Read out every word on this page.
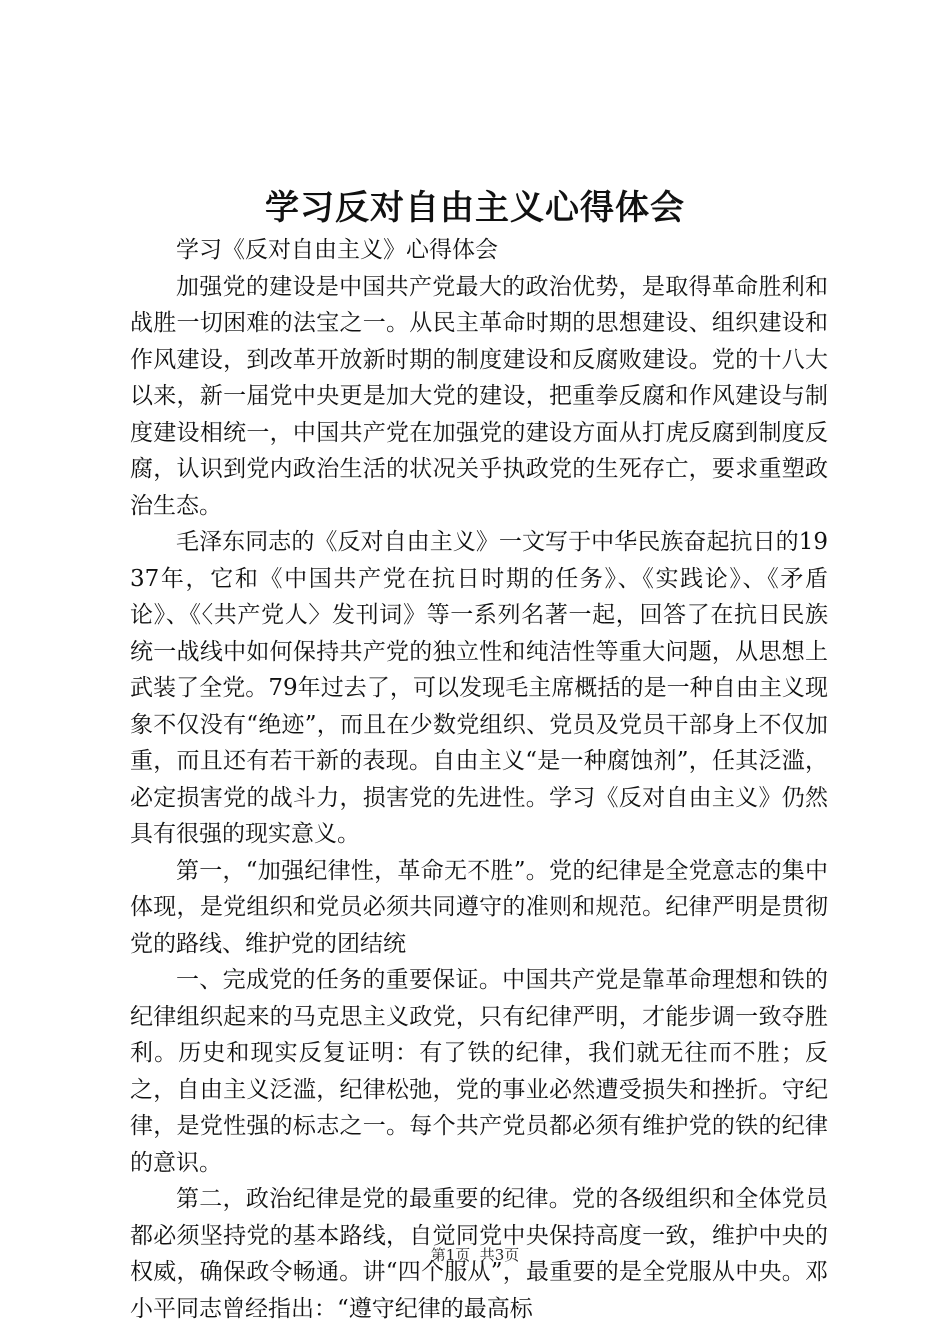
学习反对自由主义心得体会

学习《反对自由主义》心得体会

加强党的建设是中国共产党最大的政治优势，是取得革命胜利和战胜一切困难的法宝之一。从民主革命时期的思想建设、组织建设和作风建设，到改革开放新时期的制度建设和反腐败建设。党的十八大以来，新一届党中央更是加大党的建设，把重拳反腐和作风建设与制度建设相统一，中国共产党在加强党的建设方面从打虎反腐到制度反腐，认识到党内政治生活的状况关乎执政党的生死存亡，要求重塑政治生态。

毛泽东同志的《反对自由主义》一文写于中华民族奋起抗日的1937年，它和《中国共产党在抗日时期的任务》、《实践论》、《矛盾论》、《〈共产党人〉发刊词》等一系列名著一起，回答了在抗日民族统一战线中如何保持共产党的独立性和纯洁性等重大问题，从思想上武装了全党。79年过去了，可以发现毛主席概括的是一种自由主义现象不仅没有“绝迹”，而且在少数党组织、党员及党员干部身上不仅加重，而且还有若干新的表现。自由主义“是一种腐蚀剂”，任其泛滥，必定损害党的战斗力，损害党的先进性。学习《反对自由主义》仍然具有很强的现实意义。

第一，“加强纪律性，革命无不胜”。党的纪律是全党意志的集中体现，是党组织和党员必须共同遵守的准则和规范。纪律严明是贯彻党的路线、维护党的团结统

一、完成党的任务的重要保证。中国共产党是靠革命理想和铁的纪律组织起来的马克思主义政党，只有纪律严明，才能步调一致夺胜利。历史和现实反复证明：有了铁的纪律，我们就无往而不胜；反之，自由主义泛滥，纪律松弛，党的事业必然遭受损失和挫折。守纪律，是党性强的标志之一。每个共产党员都必须有维护党的铁的纪律的意识。

第二，政治纪律是党的最重要的纪律。党的各级组织和全体党员都必须坚持党的基本路线，自觉同党中央保持高度一致，维护中央的权威，确保政令畅通。讲“四个服从”，最重要的是全党服从中央。邓小平同志曾经指出：“遵守纪律的最高标

第1页  共3页
